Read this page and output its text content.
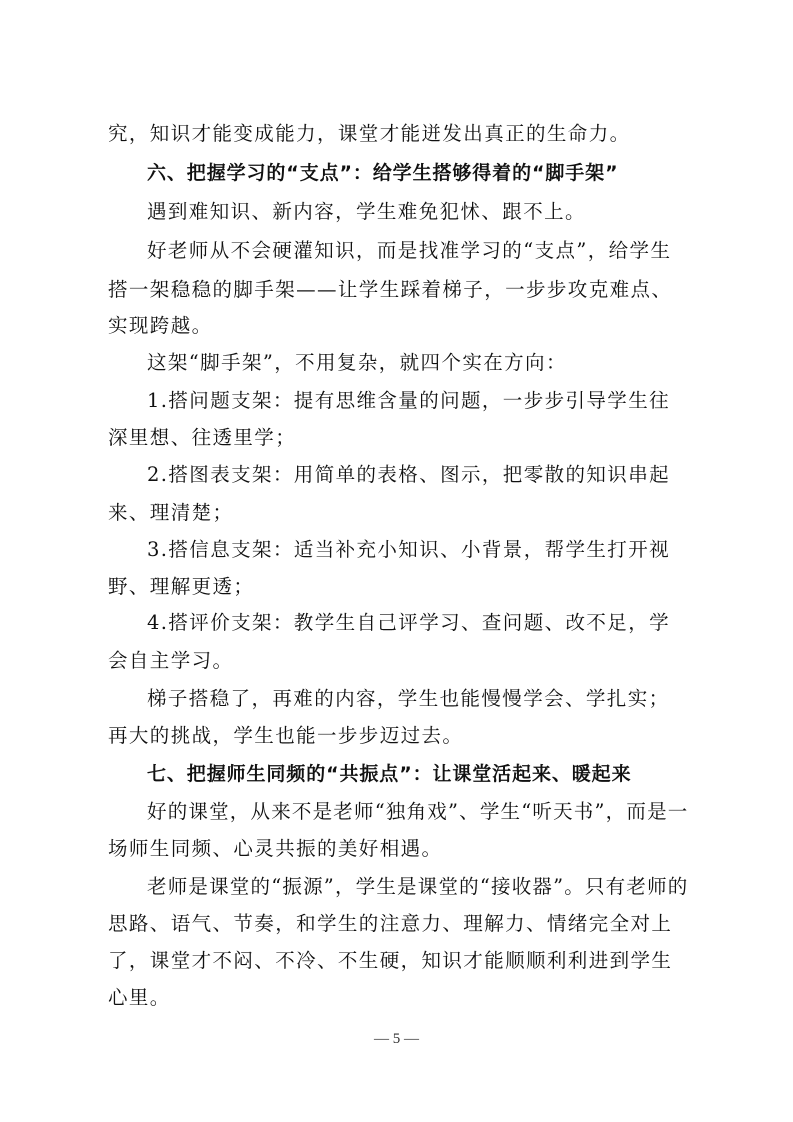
究，知识才能变成能力，课堂才能迸发出真正的生命力。
六、把握学习的“支点”：给学生搭够得着的“脚手架”
遇到难知识、新内容，学生难免犯怵、跟不上。
好老师从不会硬灌知识，而是找准学习的“支点”，给学生
搭一架稳稳的脚手架——让学生踩着梯子，一步步攻克难点、
实现跨越。
这架“脚手架”，不用复杂，就四个实在方向：
1.搭问题支架：提有思维含量的问题，一步步引导学生往
深里想、往透里学；
2.搭图表支架：用简单的表格、图示，把零散的知识串起
来、理清楚；
3.搭信息支架：适当补充小知识、小背景，帮学生打开视
野、理解更透；
4.搭评价支架：教学生自己评学习、查问题、改不足，学
会自主学习。
梯子搭稳了，再难的内容，学生也能慢慢学会、学扎实；
再大的挑战，学生也能一步步迈过去。
七、把握师生同频的“共振点”：让课堂活起来、暖起来
好的课堂，从来不是老师“独角戏”、学生“听天书”，而是一
场师生同频、心灵共振的美好相遇。
老师是课堂的“振源”，学生是课堂的“接收器”。只有老师的
思路、语气、节奏，和学生的注意力、理解力、情绪完全对上
了，课堂才不闷、不冷、不生硬，知识才能顺顺利利进到学生
心里。
— 5 —
